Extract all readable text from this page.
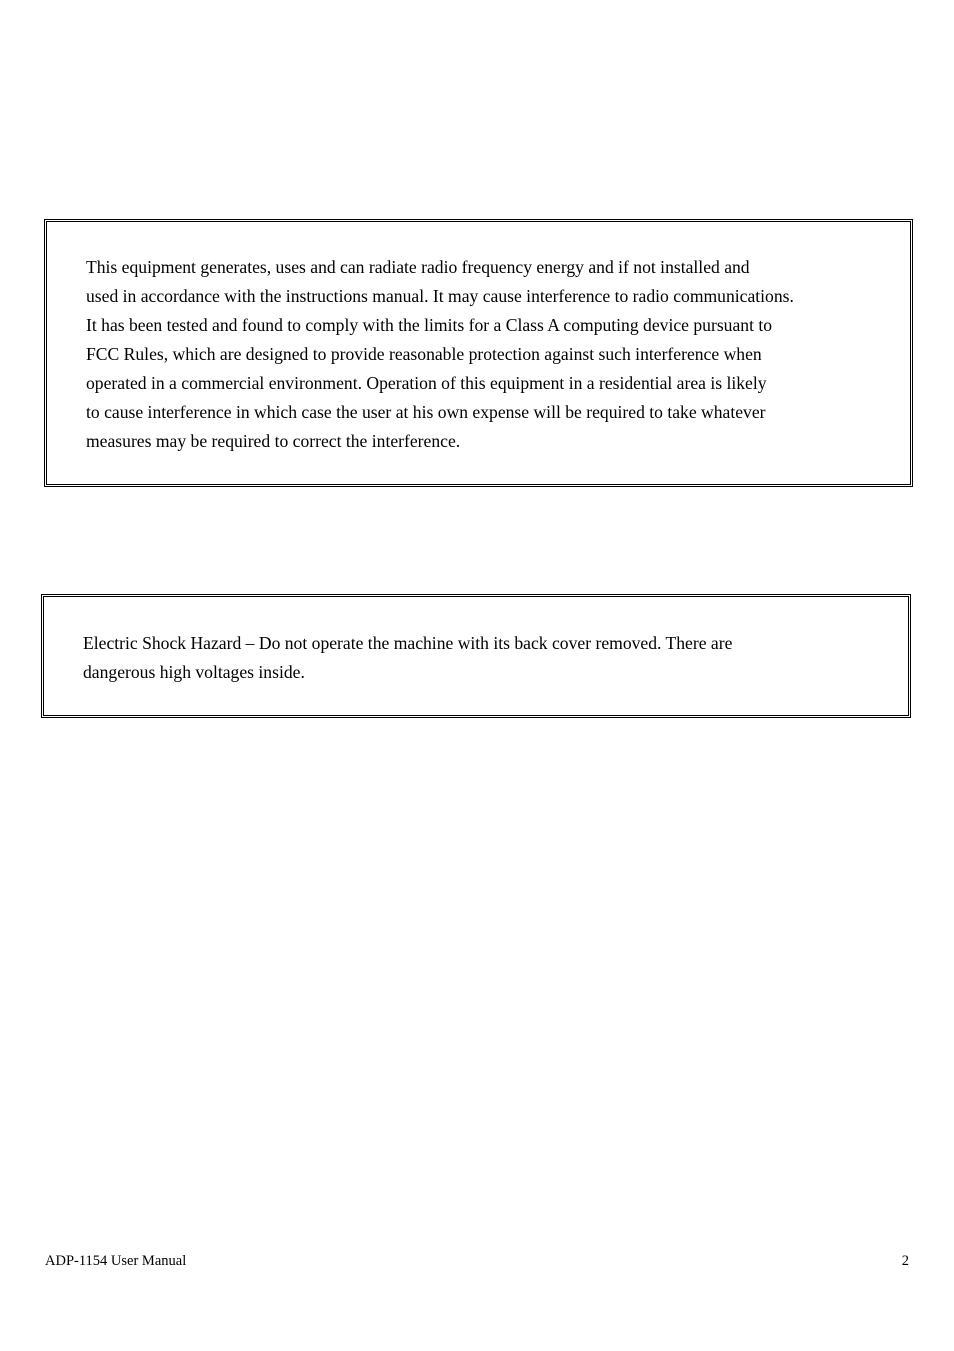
This equipment generates, uses and can radiate radio frequency energy and if not installed and
used in accordance with the instructions manual. It may cause interference to radio communications.
It has been tested and found to comply with the limits for a Class A computing device pursuant to
FCC Rules, which are designed to provide reasonable protection against such interference when
operated in a commercial environment. Operation of this equipment in a residential area is likely
to cause interference in which case the user at his own expense will be required to take whatever
measures may be required to correct the interference.
Electric Shock Hazard – Do not operate the machine with its back cover removed. There are
dangerous high voltages inside.
ADP-1154 User Manual	2
